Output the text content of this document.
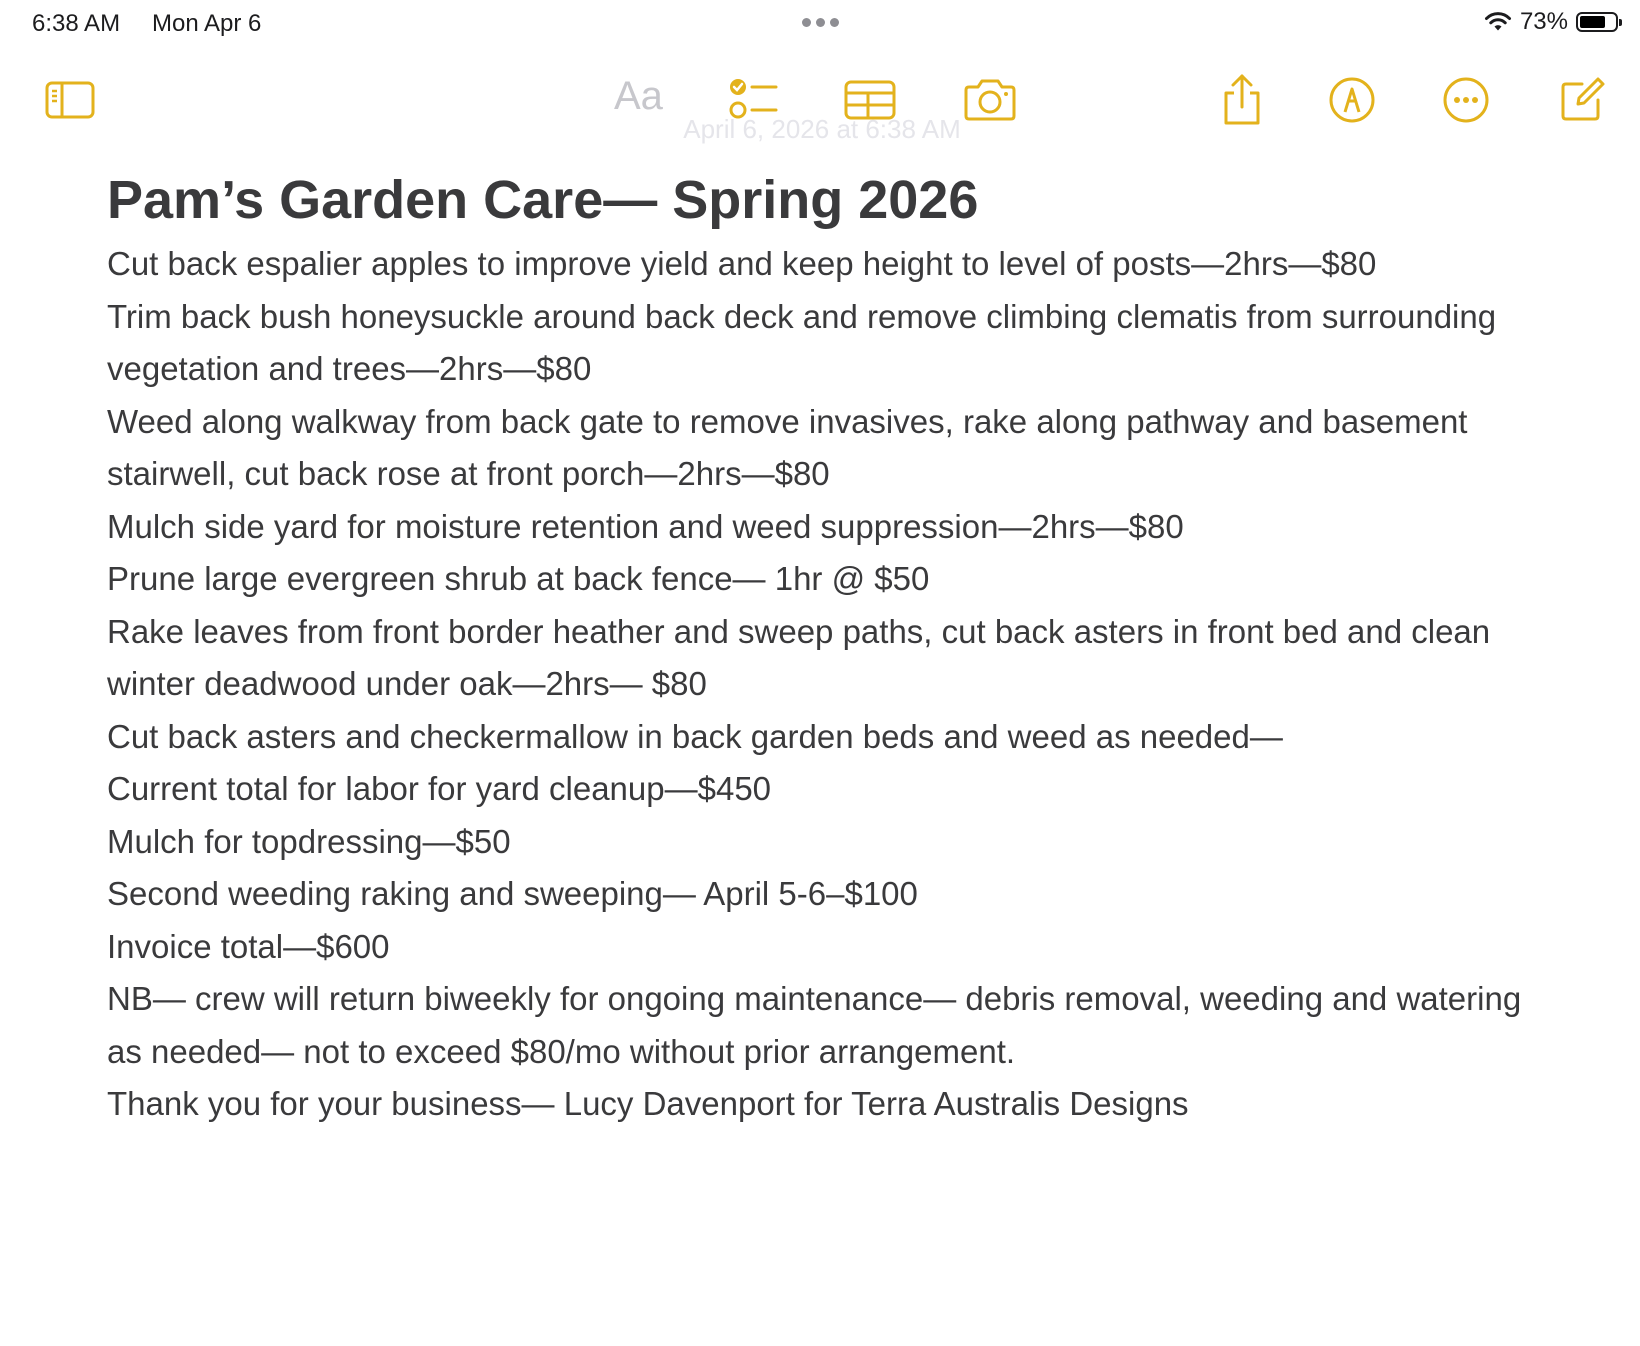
6:38 AM Mon Apr 6	73%
Aa
April 6, 2026 at 6:38 AM
Pam’s Garden Care— Spring 2026

Cut back espalier apples to improve yield and keep height to level of posts—2hrs—$80

Trim back bush honeysuckle around back deck and remove climbing clematis from surrounding vegetation and trees—2hrs—$80

Weed along walkway from back gate to remove invasives, rake along pathway and basement stairwell, cut back rose at front porch—2hrs—$80

Mulch side yard for moisture retention and weed suppression—2hrs—$80

Prune large evergreen shrub at back fence— 1hr @ $50

Rake leaves from front border heather and sweep paths, cut back asters in front bed and clean winter deadwood under oak—2hrs— $80

Cut back asters and checkermallow in back garden beds and weed as needed—

Current total for labor for yard cleanup—$450

Mulch for topdressing—$50

Second weeding raking and sweeping— April 5-6–$100

Invoice total—$600

NB— crew will return biweekly for ongoing maintenance— debris removal, weeding and watering as needed— not to exceed $80/mo without prior arrangement.

Thank you for your business— Lucy Davenport for Terra Australis Designs
